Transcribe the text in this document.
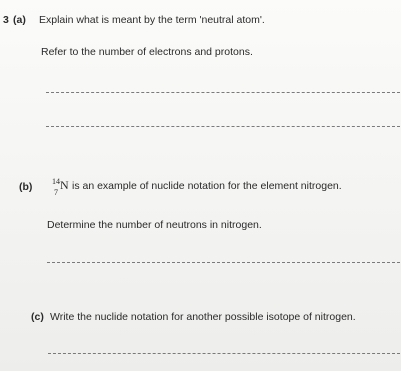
3 (a) Explain what is meant by the term 'neutral atom'.
Refer to the number of electrons and protons.
(b) 14
7
N is an example of nuclide notation for the element nitrogen.
Determine the number of neutrons in nitrogen.
(c) Write the nuclide notation for another possible isotope of nitrogen.
